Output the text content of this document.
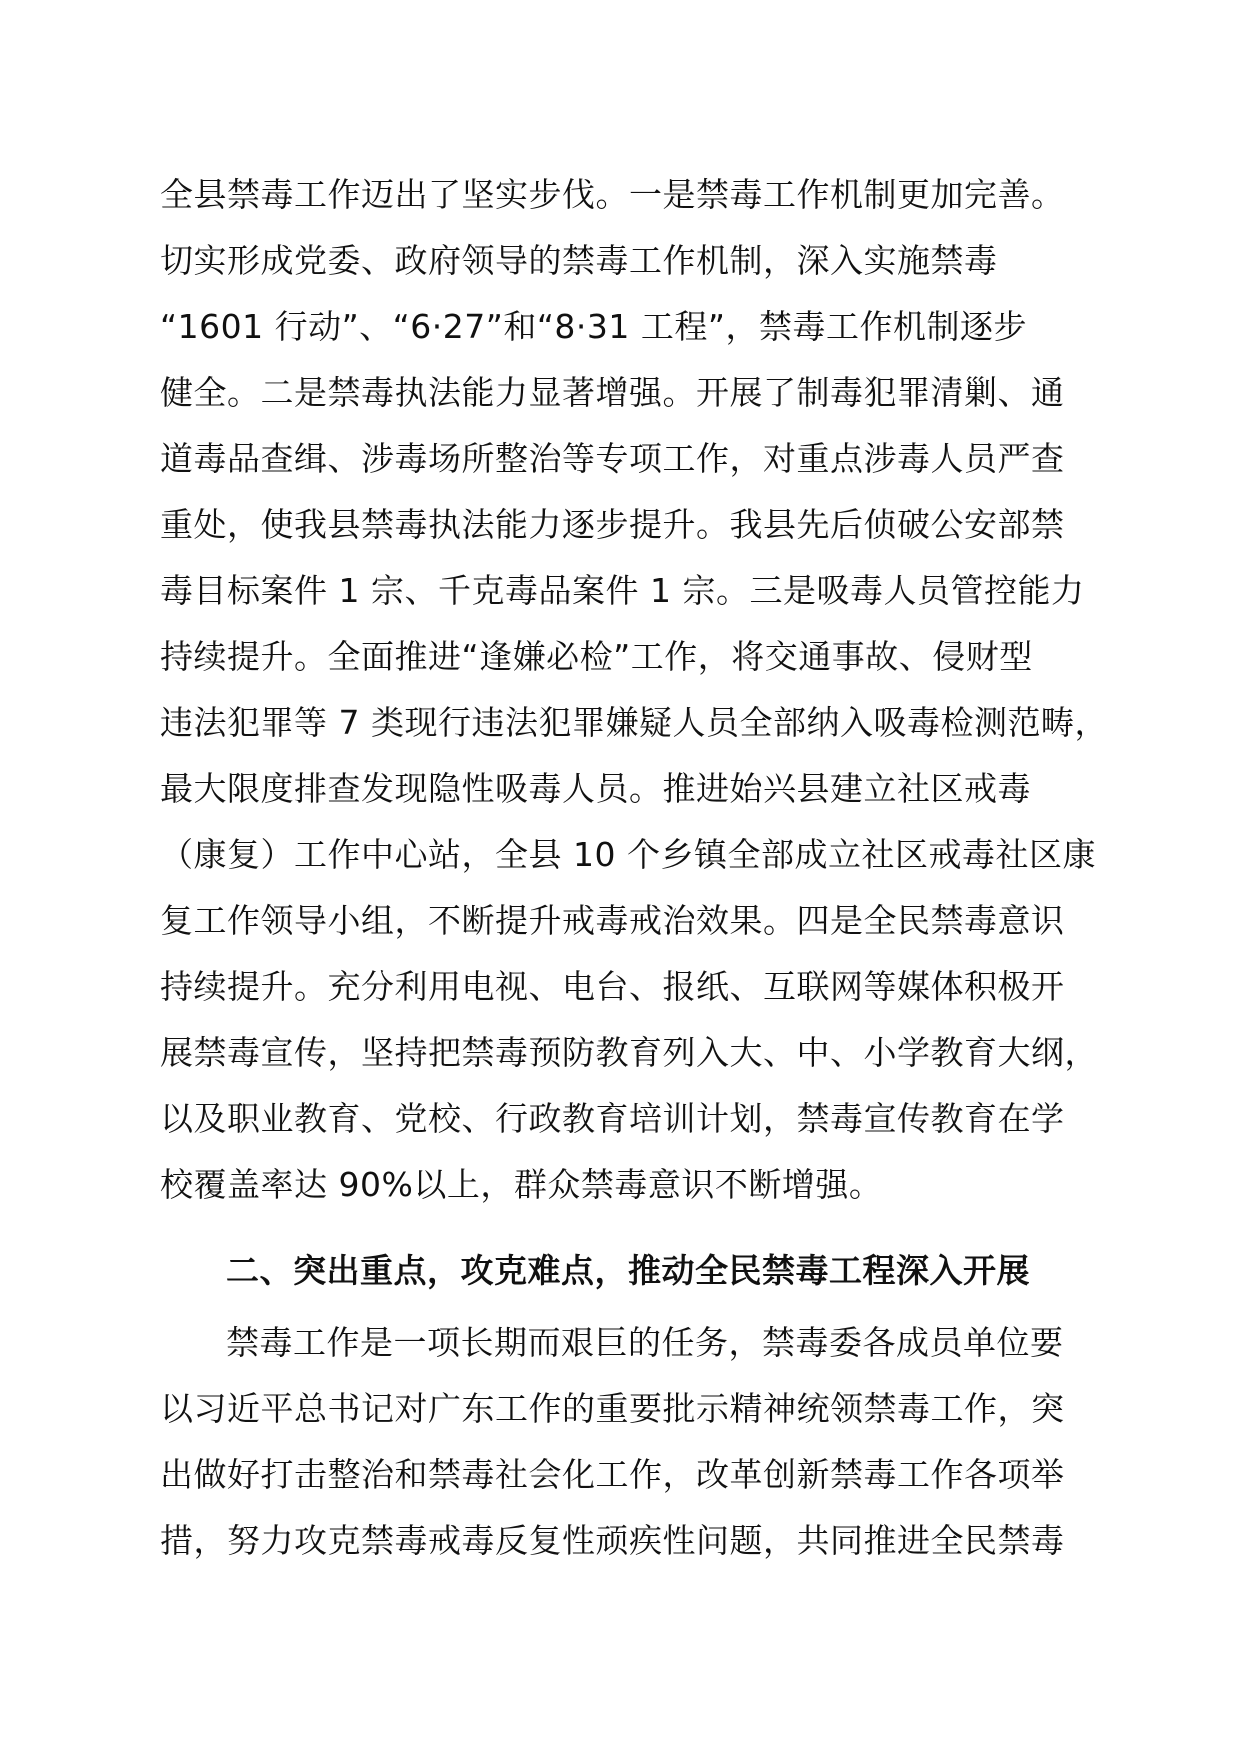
全县禁毒工作迈出了坚实步伐。一是禁毒工作机制更加完善。
切实形成党委、政府领导的禁毒工作机制，深入实施禁毒
“1601 行动”、“6·27”和“8·31 工程”，禁毒工作机制逐步
健全。二是禁毒执法能力显著增强。开展了制毒犯罪清剿、通
道毒品查缉、涉毒场所整治等专项工作，对重点涉毒人员严查
重处，使我县禁毒执法能力逐步提升。我县先后侦破公安部禁
毒目标案件 1 宗、千克毒品案件 1 宗。三是吸毒人员管控能力
持续提升。全面推进“逢嫌必检”工作，将交通事故、侵财型
违法犯罪等 7 类现行违法犯罪嫌疑人员全部纳入吸毒检测范畴，
最大限度排查发现隐性吸毒人员。推进始兴县建立社区戒毒
（康复）工作中心站，全县 10 个乡镇全部成立社区戒毒社区康
复工作领导小组，不断提升戒毒戒治效果。四是全民禁毒意识
持续提升。充分利用电视、电台、报纸、互联网等媒体积极开
展禁毒宣传，坚持把禁毒预防教育列入大、中、小学教育大纲，
以及职业教育、党校、行政教育培训计划，禁毒宣传教育在学
校覆盖率达 90%以上，群众禁毒意识不断增强。
二、突出重点，攻克难点，推动全民禁毒工程深入开展
禁毒工作是一项长期而艰巨的任务，禁毒委各成员单位要
以习近平总书记对广东工作的重要批示精神统领禁毒工作，突
出做好打击整治和禁毒社会化工作，改革创新禁毒工作各项举
措，努力攻克禁毒戒毒反复性顽疾性问题，共同推进全民禁毒
